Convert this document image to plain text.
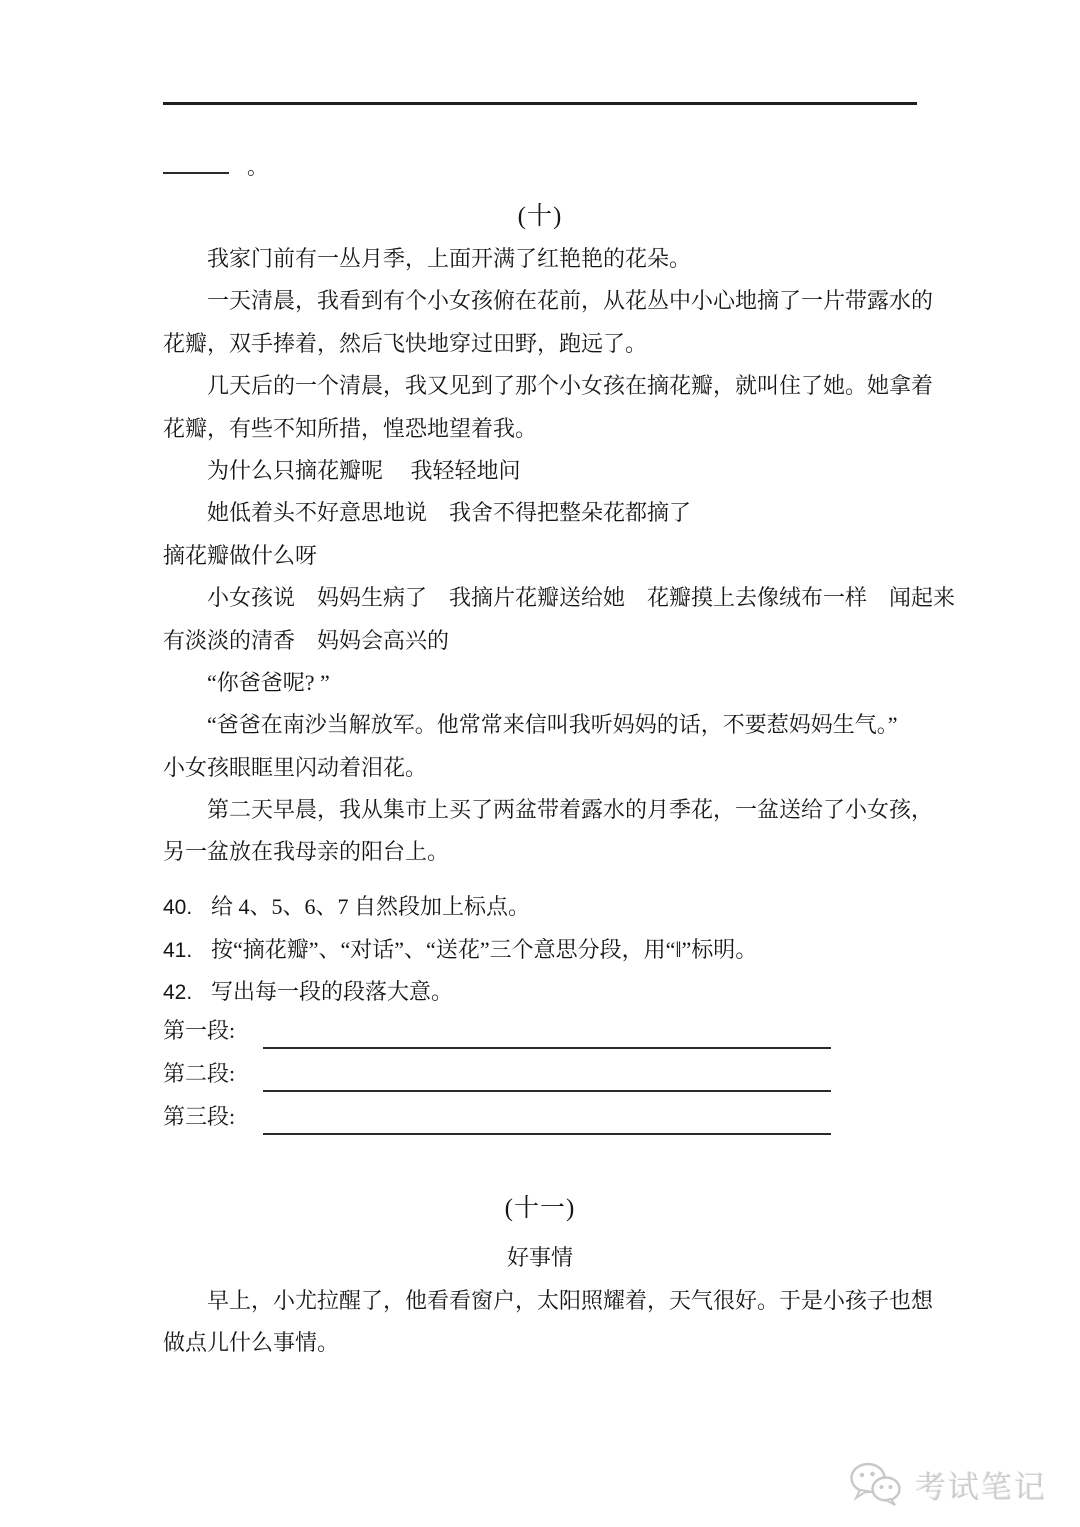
。
(十)
我家门前有一丛月季，上面开满了红艳艳的花朵。
一天清晨，我看到有个小女孩俯在花前，从花丛中小心地摘了一片带露水的
花瓣，双手捧着，然后飞快地穿过田野，跑远了。
几天后的一个清晨，我又见到了那个小女孩在摘花瓣，就叫住了她。她拿着
花瓣，有些不知所措，惶恐地望着我。
为什么只摘花瓣呢　 我轻轻地问
她低着头不好意思地说　我舍不得把整朵花都摘了
摘花瓣做什么呀
小女孩说　妈妈生病了　我摘片花瓣送给她　花瓣摸上去像绒布一样　闻起来
有淡淡的清香　妈妈会高兴的
“你爸爸呢? ”
“爸爸在南沙当解放军。他常常来信叫我听妈妈的话，不要惹妈妈生气。”
小女孩眼眶里闪动着泪花。
第二天早晨，我从集市上买了两盆带着露水的月季花，一盆送给了小女孩，
另一盆放在我母亲的阳台上。
40. 给 4、5、6、7 自然段加上标点。
41. 按“摘花瓣”、“对话”、“送花”三个意思分段，用“‖”标明。
42. 写出每一段的段落大意。
第一段:
第二段:
第三段:
(十一)
好事情
早上，小尤拉醒了，他看看窗户，太阳照耀着，天气很好。于是小孩子也想
做点儿什么事情。
考试笔记
